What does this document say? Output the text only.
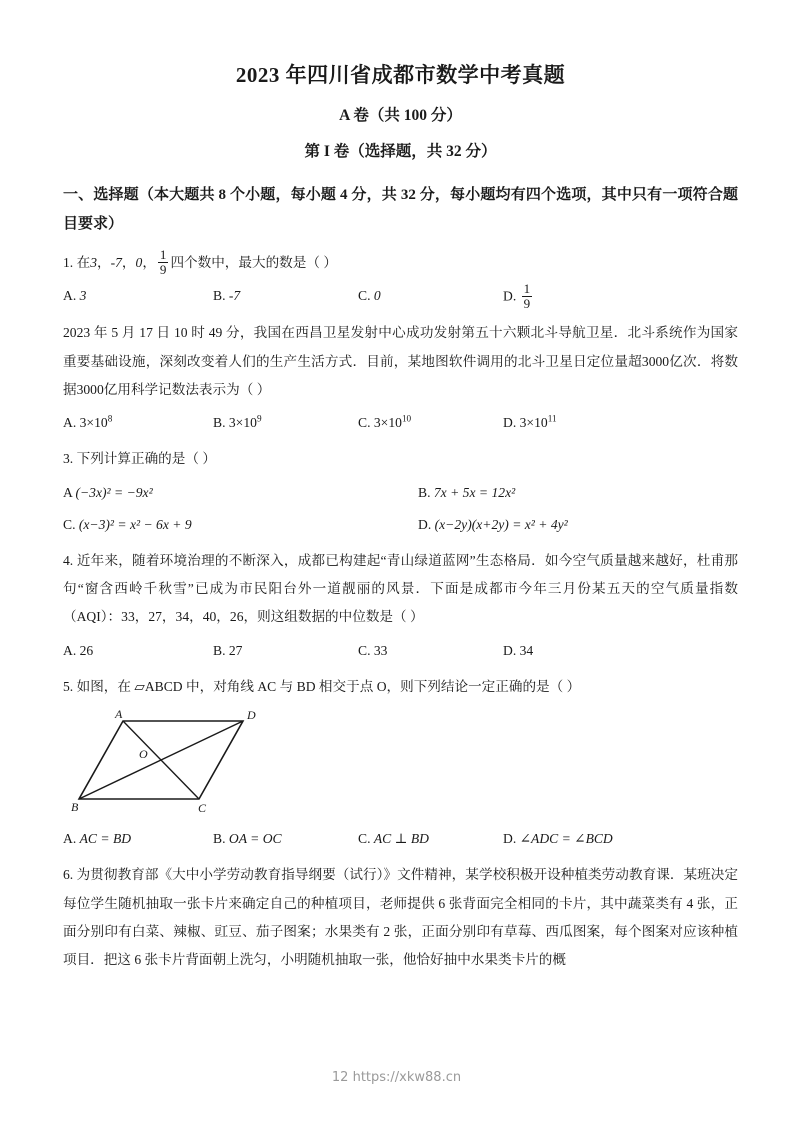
2023 年四川省成都市数学中考真题
A 卷（共 100 分）
第 I 卷（选择题，共 32 分）
一、选择题（本大题共 8 个小题，每小题 4 分，共 32 分，每小题均有四个选项，其中只有一项符合题目要求）
1. 在3，-7，0， $\frac{1}{9}$ 四个数中，最大的数是（ ）
A. 3	B. -7	C. 0	D. $\frac{1}{9}$
2023 年 5 月 17 日 10 时 49 分，我国在西昌卫星发射中心成功发射第五十六颗北斗导航卫星．北斗系统作为国家重要基础设施，深刻改变着人们的生产生活方式．目前，某地图软件调用的北斗卫星日定位量超3000亿次．将数据3000亿用科学记数法表示为（ ）
A. $3\times 10^8$	B. $3\times 10^9$	C. $3\times 10^{10}$	D. $3\times 10^{11}$
3. 下列计算正确的是（ ）
A (−3x)² = −9x²	B. 7x + 5x = 12x²
C. (x−3)² = x² − 6x + 9	D. (x−2y)(x+2y) = x² + 4y²
4. 近年来，随着环境治理的不断深入，成都已构建起“青山绿道蓝网”生态格局．如今空气质量越来越好，杜甫那句“窗含西岭千秋雪”已成为市民阳台外一道靓丽的风景．下面是成都市今年三月份某五天的空气质量指数（AQI）：33，27，34，40，26，则这组数据的中位数是（ ）
A. 26	B. 27	C. 33	D. 34
5. 如图，在 ▱ABCD 中，对角线 AC 与 BD 相交于点 O，则下列结论一定正确的是（ ）
A	D
B	C
O
A. AC = BD	B. OA = OC	C. AC ⊥ BD	D. ∠ADC = ∠BCD
6. 为贯彻教育部《大中小学劳动教育指导纲要（试行）》文件精神，某学校积极开设种植类劳动教育课．某班决定每位学生随机抽取一张卡片来确定自己的种植项目，老师提供 6 张背面完全相同的卡片，其中蔬菜类有 4 张，正面分别印有白菜、辣椒、豇豆、茄子图案；水果类有 2 张，正面分别印有草莓、西瓜图案，每个图案对应该种植项目．把这 6 张卡片背面朝上洗匀，小明随机抽取一张，他恰好抽中水果类卡片的概
12 https://xkw88.cn
